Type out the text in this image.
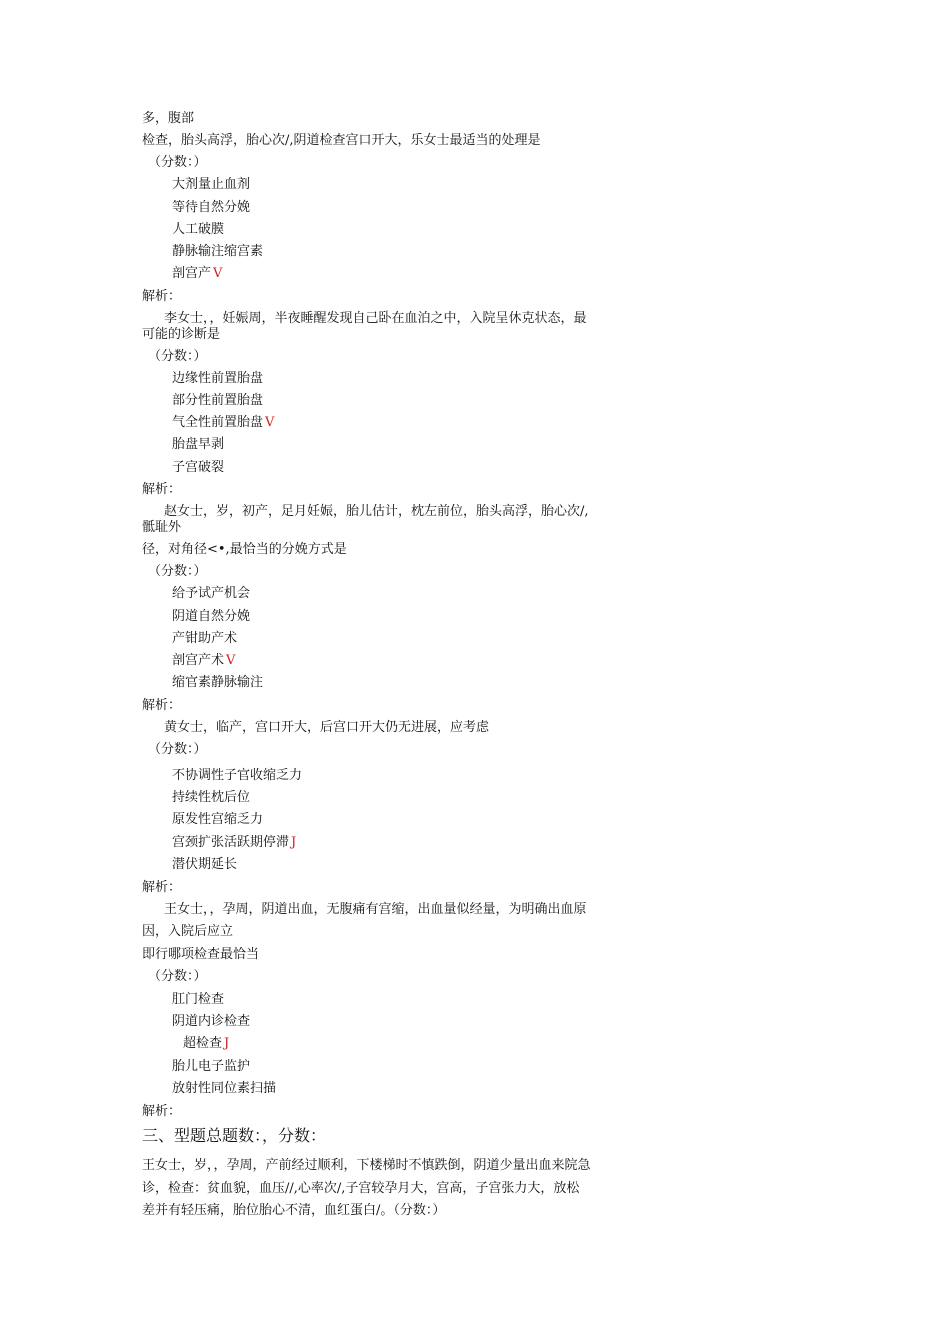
多，腹部
检查，胎头高浮，胎心次/,阴道检查宫口开大，乐女士最适当的处理是
（分数：）
大剂量止血剂
等待自然分娩
人工破膜
静脉输注缩宫素
剖宫产 V
解析：
李女士，，妊娠周，半夜睡醒发现自己卧在血泊之中，入院呈休克状态，最
可能的诊断是
（分数：）
边缘性前置胎盘
部分性前置胎盘
气全性前置胎盘 V
胎盘早剥
子宫破裂
解析：
赵女士，岁，初产，足月妊娠，胎儿估计，枕左前位，胎头高浮，胎心次/,
骶耻外
径，对角径<•,最恰当的分娩方式是
（分数：）
给予试产机会
阴道自然分娩
产钳助产术
剖宫产术 V
缩官素静脉输注
解析：
黄女士，临产，宫口开大，后宫口开大仍无进展，应考虑
（分数：）
不协调性子官收缩乏力
持续性枕后位
原发性宫缩乏力
宫颈扩张活跃期停滞 J
潜伏期延长
解析：
王女士，，孕周，阴道出血，无腹痛有宫缩，出血量似经量，为明确出血原
因，入院后应立
即行哪项检查最恰当
（分数：）
肛门检查
阴道内诊检查
超检查 J
胎儿电子监护
放射性同位素扫描
解析：
三、型题总题数：，分数：
王女士，岁，，孕周，产前经过顺利，下楼梯时不慎跌倒，阴道少量出血来院急
诊，检查：贫血貌，血压//,心率次/,子宫较孕月大，宫高，子宫张力大，放松
差并有轻压痛，胎位胎心不清，血红蛋白/。（分数：）
